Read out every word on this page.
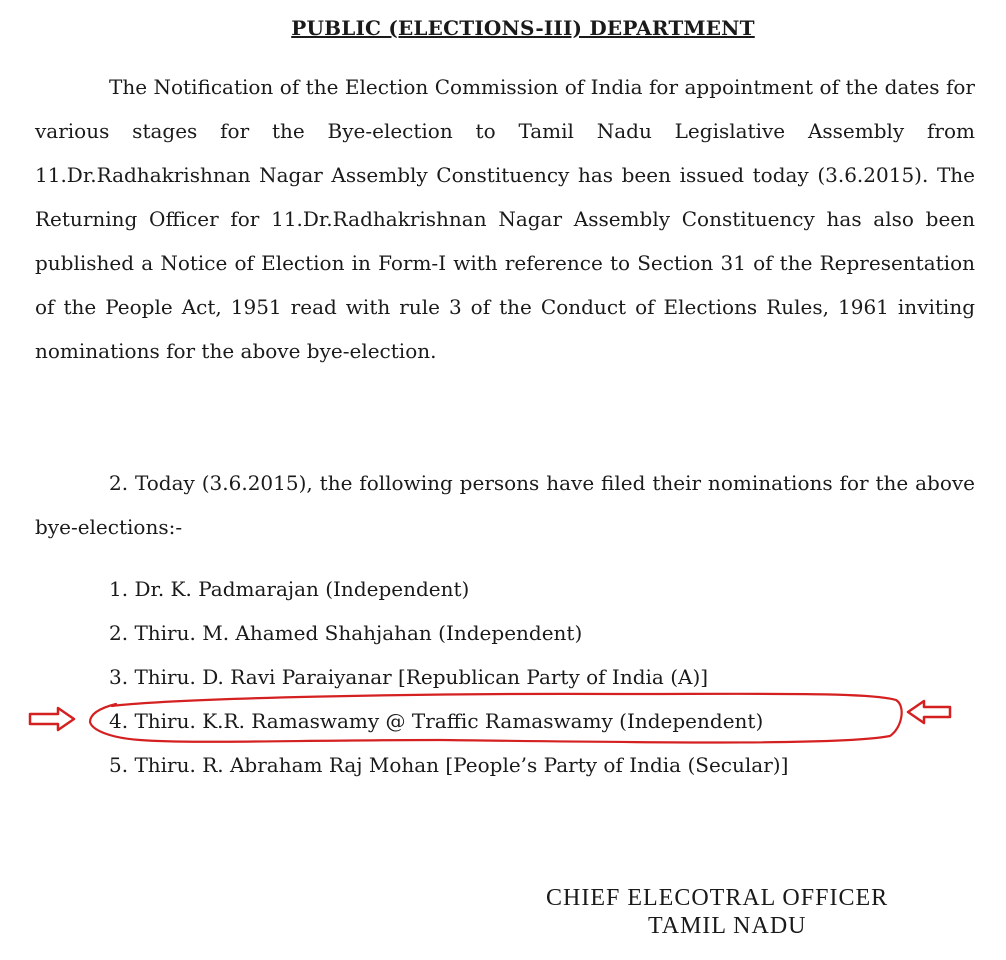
PUBLIC (ELECTIONS-III) DEPARTMENT

The Notification of the Election Commission of India for appointment of the dates for various stages for the Bye-election to Tamil Nadu Legislative Assembly from 11.Dr.Radhakrishnan Nagar Assembly Constituency has been issued today (3.6.2015). The Returning Officer for 11.Dr.Radhakrishnan Nagar Assembly Constituency has also been published a Notice of Election in Form-I with reference to Section 31 of the Representation of the People Act, 1951 read with rule 3 of the Conduct of Elections Rules, 1961 inviting nominations for the above bye-election.

2. Today (3.6.2015), the following persons have filed their nominations for the above bye-elections:-

1. Dr. K. Padmarajan (Independent)
2. Thiru. M. Ahamed Shahjahan (Independent)
3. Thiru. D. Ravi Paraiyanar [Republican Party of India (A)]
4. Thiru. K.R. Ramaswamy @ Traffic Ramaswamy (Independent)
5. Thiru. R. Abraham Raj Mohan [People’s Party of India (Secular)]
CHIEF ELECOTRAL OFFICER
TAMIL NADU
